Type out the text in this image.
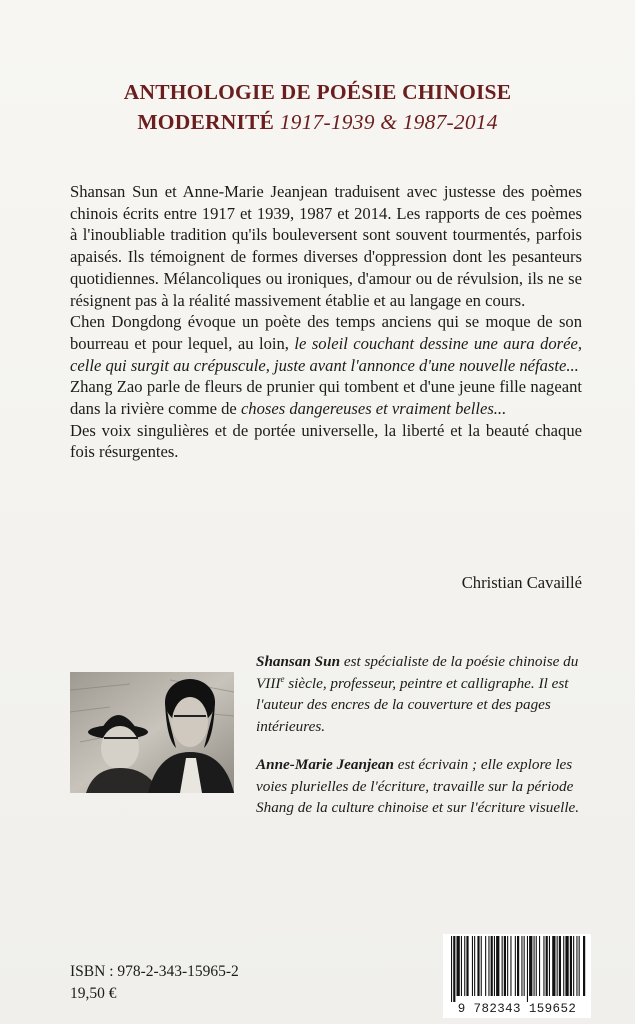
ANTHOLOGIE DE POÉSIE CHINOISE
MODERNITÉ 1917-1939 & 1987-2014

Shansan Sun et Anne-Marie Jeanjean traduisent avec justesse des poèmes chinois écrits entre 1917 et 1939, 1987 et 2014. Les rapports de ces poèmes à l'inoubliable tradition qu'ils bouleversent sont souvent tourmentés, parfois apaisés. Ils témoignent de formes diverses d'oppression dont les pesanteurs quotidiennes. Mélancoliques ou ironiques, d'amour ou de révulsion, ils ne se résignent pas à la réalité massivement établie et au langage en cours.

Chen Dongdong évoque un poète des temps anciens qui se moque de son bourreau et pour lequel, au loin, le soleil couchant dessine une aura dorée, celle qui surgit au crépuscule, juste avant l'annonce d'une nouvelle néfaste...

Zhang Zao parle de fleurs de prunier qui tombent et d'une jeune fille nageant dans la rivière comme de choses dangereuses et vraiment belles...

Des voix singulières et de portée universelle, la liberté et la beauté chaque fois résurgentes.

Christian Cavaillé
Shansan Sun est spécialiste de la poésie chinoise du VIIIe siècle, professeur, peintre et calligraphe. Il est l'auteur des encres de la couverture et des pages intérieures.
Anne-Marie Jeanjean est écrivain ; elle explore les voies plurielles de l'écriture, travaille sur la période Shang de la culture chinoise et sur l'écriture visuelle.
ISBN : 978-2-343-15965-2
19,50 €
9 782343 159652
